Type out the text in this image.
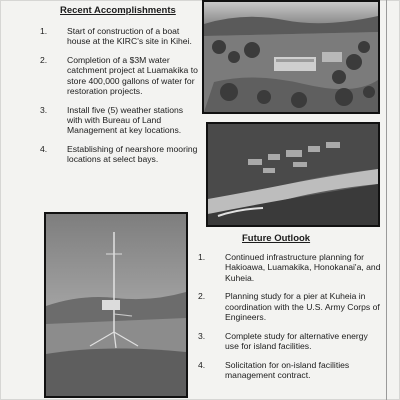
Recent Accomplishments
1. Start of construction of a boat house at the KIRC's site in Kihei.
2. Completion of a $3M water catchment project at Luamakika to store 400,000 gallons of water for restoration projects.
3. Install five (5) weather stations with with Bureau of Land Management at key locations.
4. Establishing of nearshore mooring locations at select bays.
Future Outlook
1. Continued infrastructure planning for Hakioawa, Luamakika, Honokanai'a, and Kuheia.
2. Planning study for a pier at Kuheia in coordination with the U.S. Army Corps of Engineers.
3. Complete study for alternative energy use for island facilities.
4. Solicitation for on-island facilities management contract.
